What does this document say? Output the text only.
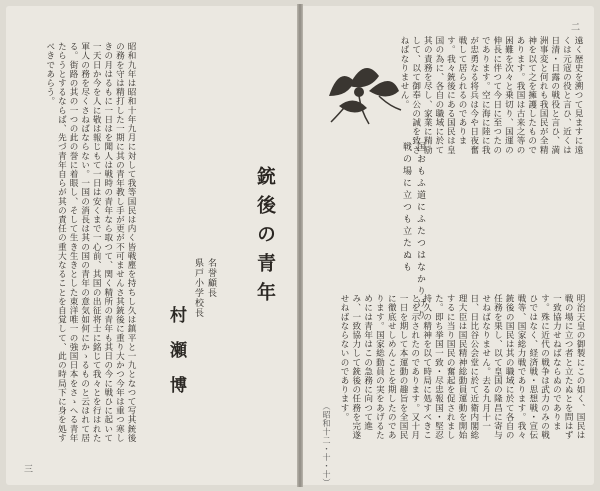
昭和九年は昭和十年九月に対して我等国民は内く皆戦塵を持ちし久は鎮平と一九となつて写其銃後の務を守は精打した一期に其の青年教し手が更が不可ませんさ其銃後に重り大かつ今年は重つ寒しきの月はるもに一日はを聞人は戦時の青年なら取つて、関く精所の青年も其日の今に戦ひに起いて一天日か今を人に敬は報じもて一日は安くまで一心前、其国の出征将士に銘じて我々とを行はれた軍人の務を尽くさねばならない。一国の消長は其の国の青年の意気如何にかゝるものと云はれて居る。街路の其の一つの此の誉に着眼し、そして生き生きとした東洋唯一の強国日本をさゝへる青年たらうとするならば、先づ青年自らが其の責任の重大なることを自覚して、此の時局下に身を処すべきであらう。
村瀬博
名誉顧長
県戸小学校長	銃後の青年
三
二
遠く歴史を溯つて見ますに遠くは元寇の役と言ひ、近くは日清・日露の戦役と言ひ、満洲事変と何れも我国民が全精神を以て之を擁護したものであります。我国は古来之等の困難を次々と乗切り、国運の伸長に伴つて今日に至つたのであります。空に海に陸に我が忠勇なる将兵は今や日夜奮戦して居られるのであります。我々銃後にある国民は皇国の為に、各自の職域に於て其の責務を尽し、家業に精励して、以て御奉公の誠を致さねばなりません。
国おもふ道にふたつはなかりけり
戦の場に立つも立たぬも
明治天皇の御製にこの如く、国民は戦の場に立つ者と立たぬとを問はず一致協力せねばならぬのであります。殊に近代の戦争は武力のみの戦ひではなく、経済戦・思想戦・宣伝戦等、国家総力戦であります。我々銃後の国民は其の職域に於て各自の任務を果し、以て皇国の隆昌に寄与せねばなりません。去る九月十一日、日比谷公会堂に於て近衛内閣総理大臣は国民精神総動員運動を開始するに当り国民の奮起を促されました。即ち挙国一致・尽忠報国・堅忍持久の精神を以て時局に処すべきことを示されたのであります。又十月一日を期して本運動の趣旨を全国民に徹底せしめんことを期したのであります。国家総動員の実をあげるためには青年はこの急務に向つて進み、一致協力して銃後の任務を完遂せねばならないのであります。
（昭和十二・十・十）
